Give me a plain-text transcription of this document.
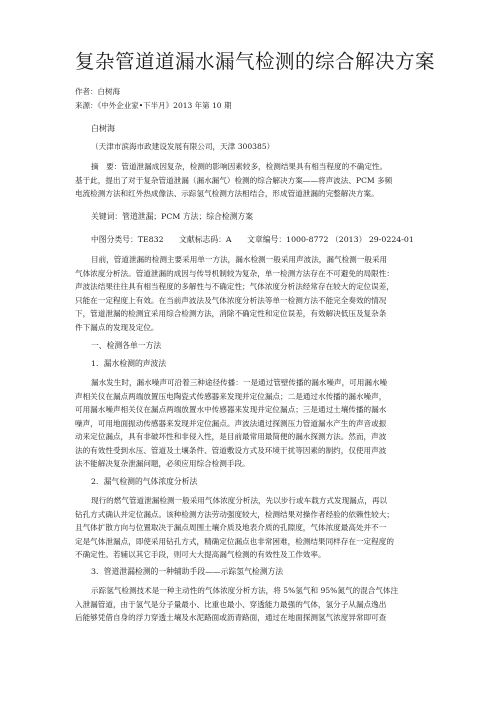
复杂管道道漏水漏气检测的综合解决方案
作者：白树海
来源：《中外企业家•下半月》2013 年第 10 期
白树海
（天津市滨海市政建设发展有限公司，天津 300385）
摘　要：管道泄漏成因复杂，检测的影响因素较多，检测结果具有相当程度的不确定性。
基于此，提出了对于复杂管道泄漏（漏水漏气）检测的综合解决方案——将声波法、PCM 多频
电流检测方法和红外热成像法、示踪氢气检测方法相结合，形成管道泄漏的完整解决方案。
关键词：管道泄漏；PCM 方法；综合检测方案
中图分类号：TE832　　文献标志码：A　　文章编号：1000-8772 （2013） 29-0224-01
目前，管道泄漏的检测主要采用单一方法，漏水检测一般采用声波法，漏气检测一般采用
气体浓度分析法。管道泄漏的成因与传导机制较为复杂，单一检测方法存在不可避免的局限性：
声波法结果往往具有相当程度的多解性与不确定性；气体浓度分析法经常存在较大的定位误差，
只能在一定程度上有效。在当前声波法及气体浓度分析法等单一检测方法不能完全奏效的情况
下，管道泄漏的检测宜采用综合检测方法，消除不确定性和定位误差，有效解决低压及复杂条
件下漏点的发现及定位。
一、检测各单一方法
1．漏水检测的声波法
漏水发生时，漏水噪声可沿着三种途径传播：一是通过管壁传播的漏水噪声，可用漏水噪
声相关仪在漏点两端放置压电陶瓷式传感器来发现并定位漏点；二是通过水传播的漏水噪声，
可用漏水噪声相关仪在漏点两端放置水中传感器来发现并定位漏点；三是通过土壤传播的漏水
噪声，可用地面振动传感器来发现并定位漏点。声波法通过探测压力管道漏水产生的声音或振
动来定位漏点，具有非破坏性和非侵入性，是目前最常用最简便的漏水探测方法。然而，声波
法的有效性受到水压、管道及土壤条件、管道敷设方式及环境干扰等因素的制约，仅使用声波
法不能解决复杂泄漏问题，必须应用综合检测手段。
2．漏气检测的气体浓度分析法
现行的燃气管道泄漏检测一般采用气体浓度分析法，先以步行或车载方式发现漏点，再以
钻孔方式确认并定位漏点。该种检测方法劳动强度较大，检测结果对操作者经验的依赖性较大；
且气体扩散方向与位置取决于漏点周围土壤介质及地表介质的孔隙度，气体浓度最高处并不一
定是气体泄漏点，即使采用钻孔方式，精确定位漏点也非常困难，检测结果同样存在一定程度的
不确定性。若辅以其它手段，则可大大提高漏气检测的有效性及工作效率。
3．管道泄漏检测的一种辅助手段——示踪氢气检测方法
示踪氢气检测技术是一种主动性的气体浓度分析方法，将 5%氢气和 95%氮气的混合气体注
入泄漏管道，由于氢气是分子量最小、比重也最小、穿透能力最强的气体，氢分子从漏点逸出
后能够凭借自身的浮力穿透土壤及水泥路面或沥青路面，通过在地面探测氢气浓度异常即可查
